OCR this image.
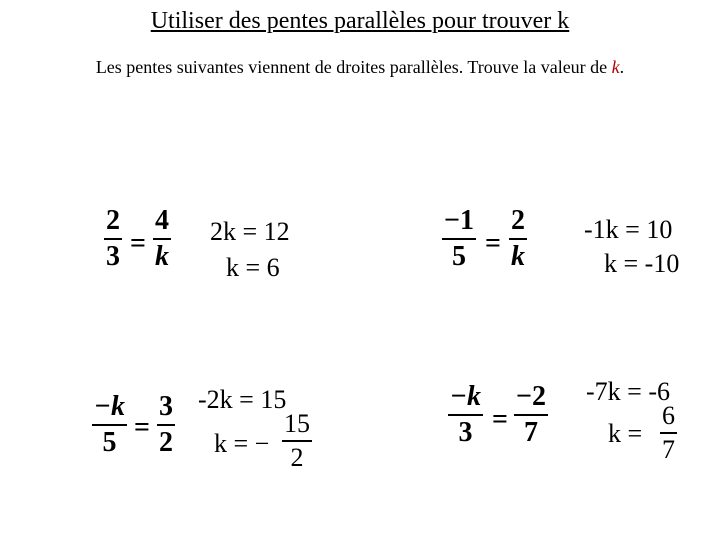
Utiliser des pentes parallèles pour trouver k
Les pentes suivantes viennent de droites parallèles. Trouve la valeur de k.
2
3 =
4
k
2k = 12
k = 6
−1
5 =
2
k
-1k = 10
k = -10
−k
5 =
3
2
-2k = 15
k = −
15
2
−k
3 =
−2
7
-7k = -6
k =
6
7
